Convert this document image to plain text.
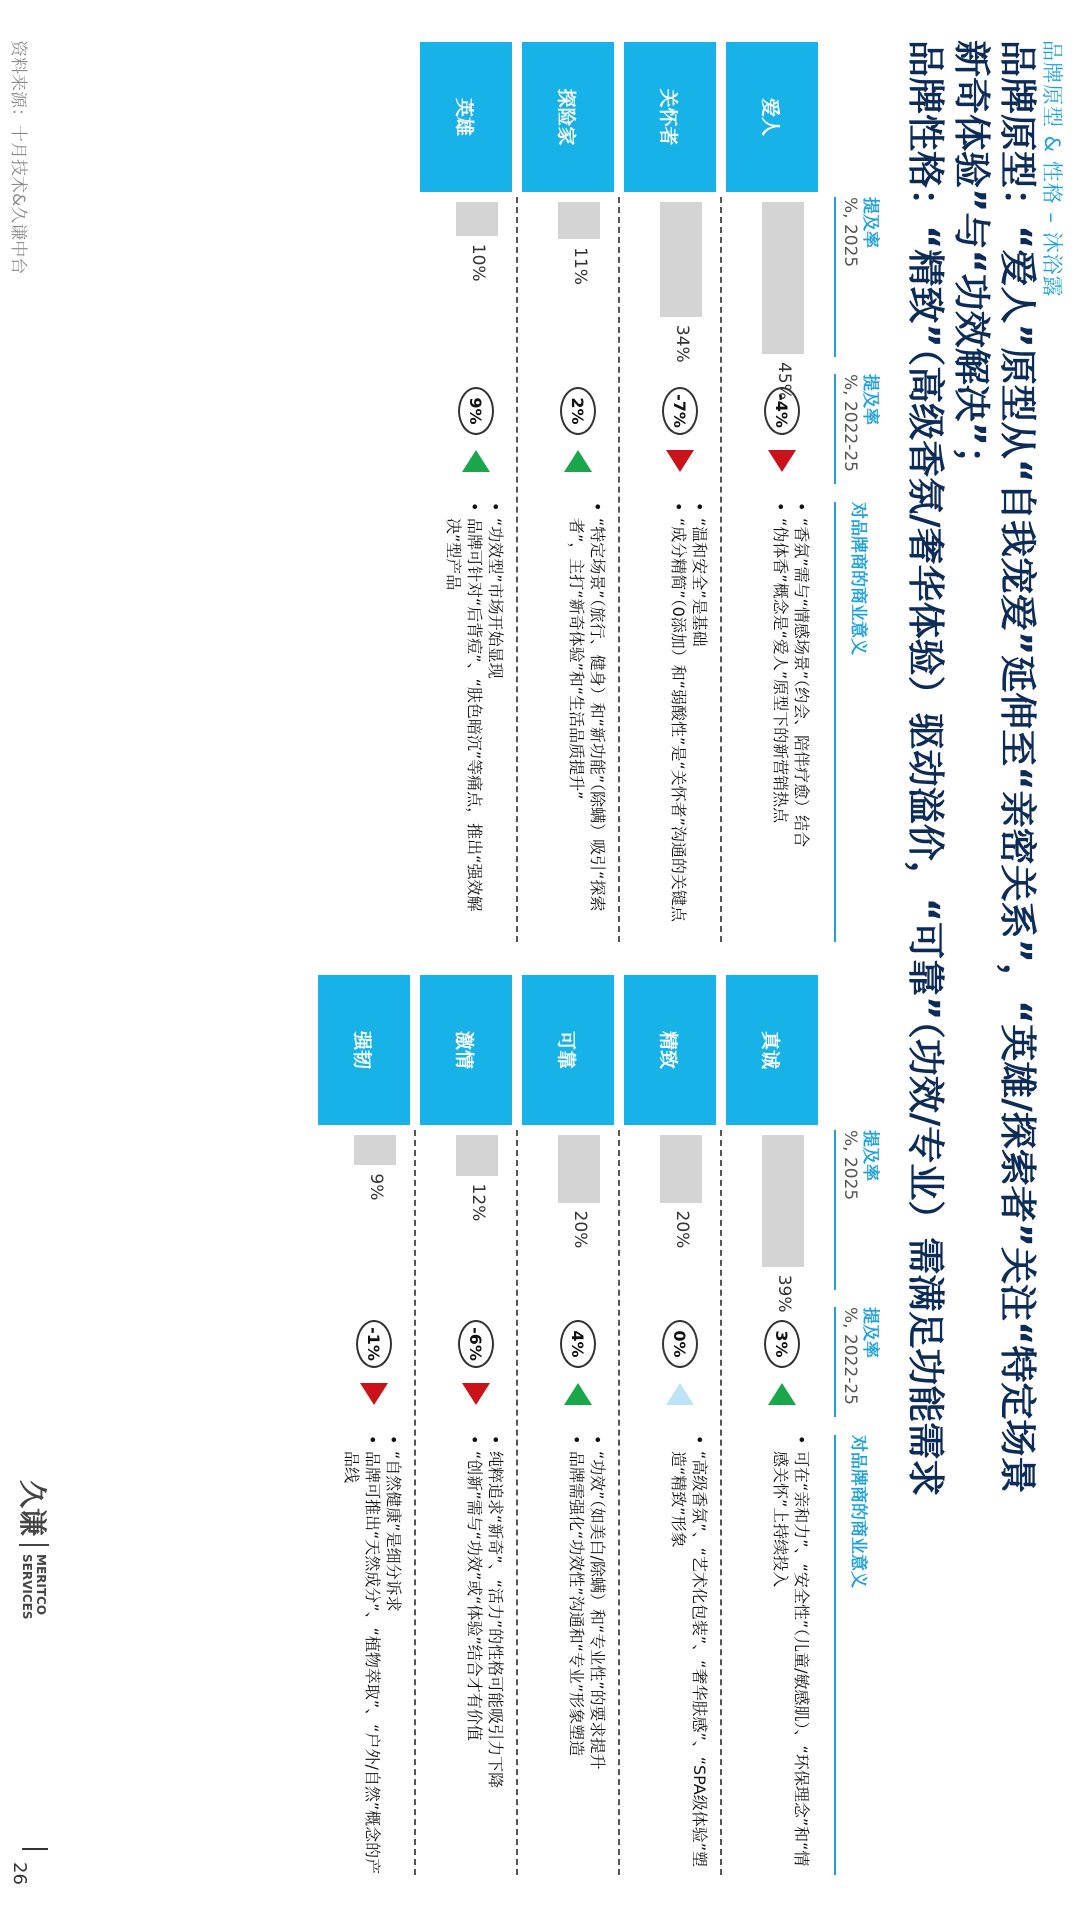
品牌原型 & 性格 – 沐浴露
品牌原型：“爱人”原型从“自我宠爱”延伸至“亲密关系”，“英雄/探索者”关注“特定场景
新奇体验”与“功效解决”；
品牌性格：“精致”（高级香氛/奢华体验）驱动溢价，“可靠”（功效/专业）需满足功能需求
提及率
%, 2025
提及率
%, 2022-25
对品牌商的商业意义
爱人
45%
-4%

• “香氛”需与“情感场景”（约会、陪伴疗愈）结合

• “伪体香”概念是“爱人”原型下的新营销热点

关怀者
34%
-7%

• “温和安全”是基础

• “成分精简”（0添加）和“弱酸性”是“关怀者”沟通的关键点

探险家
11%
2%

• “特定场景”（旅行、健身）和“新功能”（除螨）吸引“探索者”，主打“新奇体验”和“生活品质提升”

英雄
10%
9%

• “功效型”市场开始显现

• 品牌可针对“后背痘”、“肤色暗沉”等痛点，推出“强效解决”型产品

提及率
%, 2025
提及率
%, 2022-25
对品牌商的商业意义
真诚
39%
3%

• 可在“亲和力”、“安全性”（儿童/敏感肌）、“环保理念”和“情感关怀”上持续投入

精致
20%
0%

• “高级香氛”、“艺术化包装”、“奢华肤感”、“SPA级体验”塑造“精致”形象

可靠
20%
4%

• “功效”（如美白/除螨）和“专业性”的要求提升

• 品牌需强化“功效性”沟通和“专业”形象塑造

激情
12%
-6%

• 纯粹追求“新奇”、“活力”的性格可能吸引力下降

• “创新”需与“功效”或“体验”结合才有价值

强韧
9%
-1%

• “自然健康”是细分诉求

• 品牌可推出“天然成分”、“植物萃取”、“户外/自然”概念的产品线

资料来源：十月技术&久谦中台
久谦
MERITCO
SERVICES
26
